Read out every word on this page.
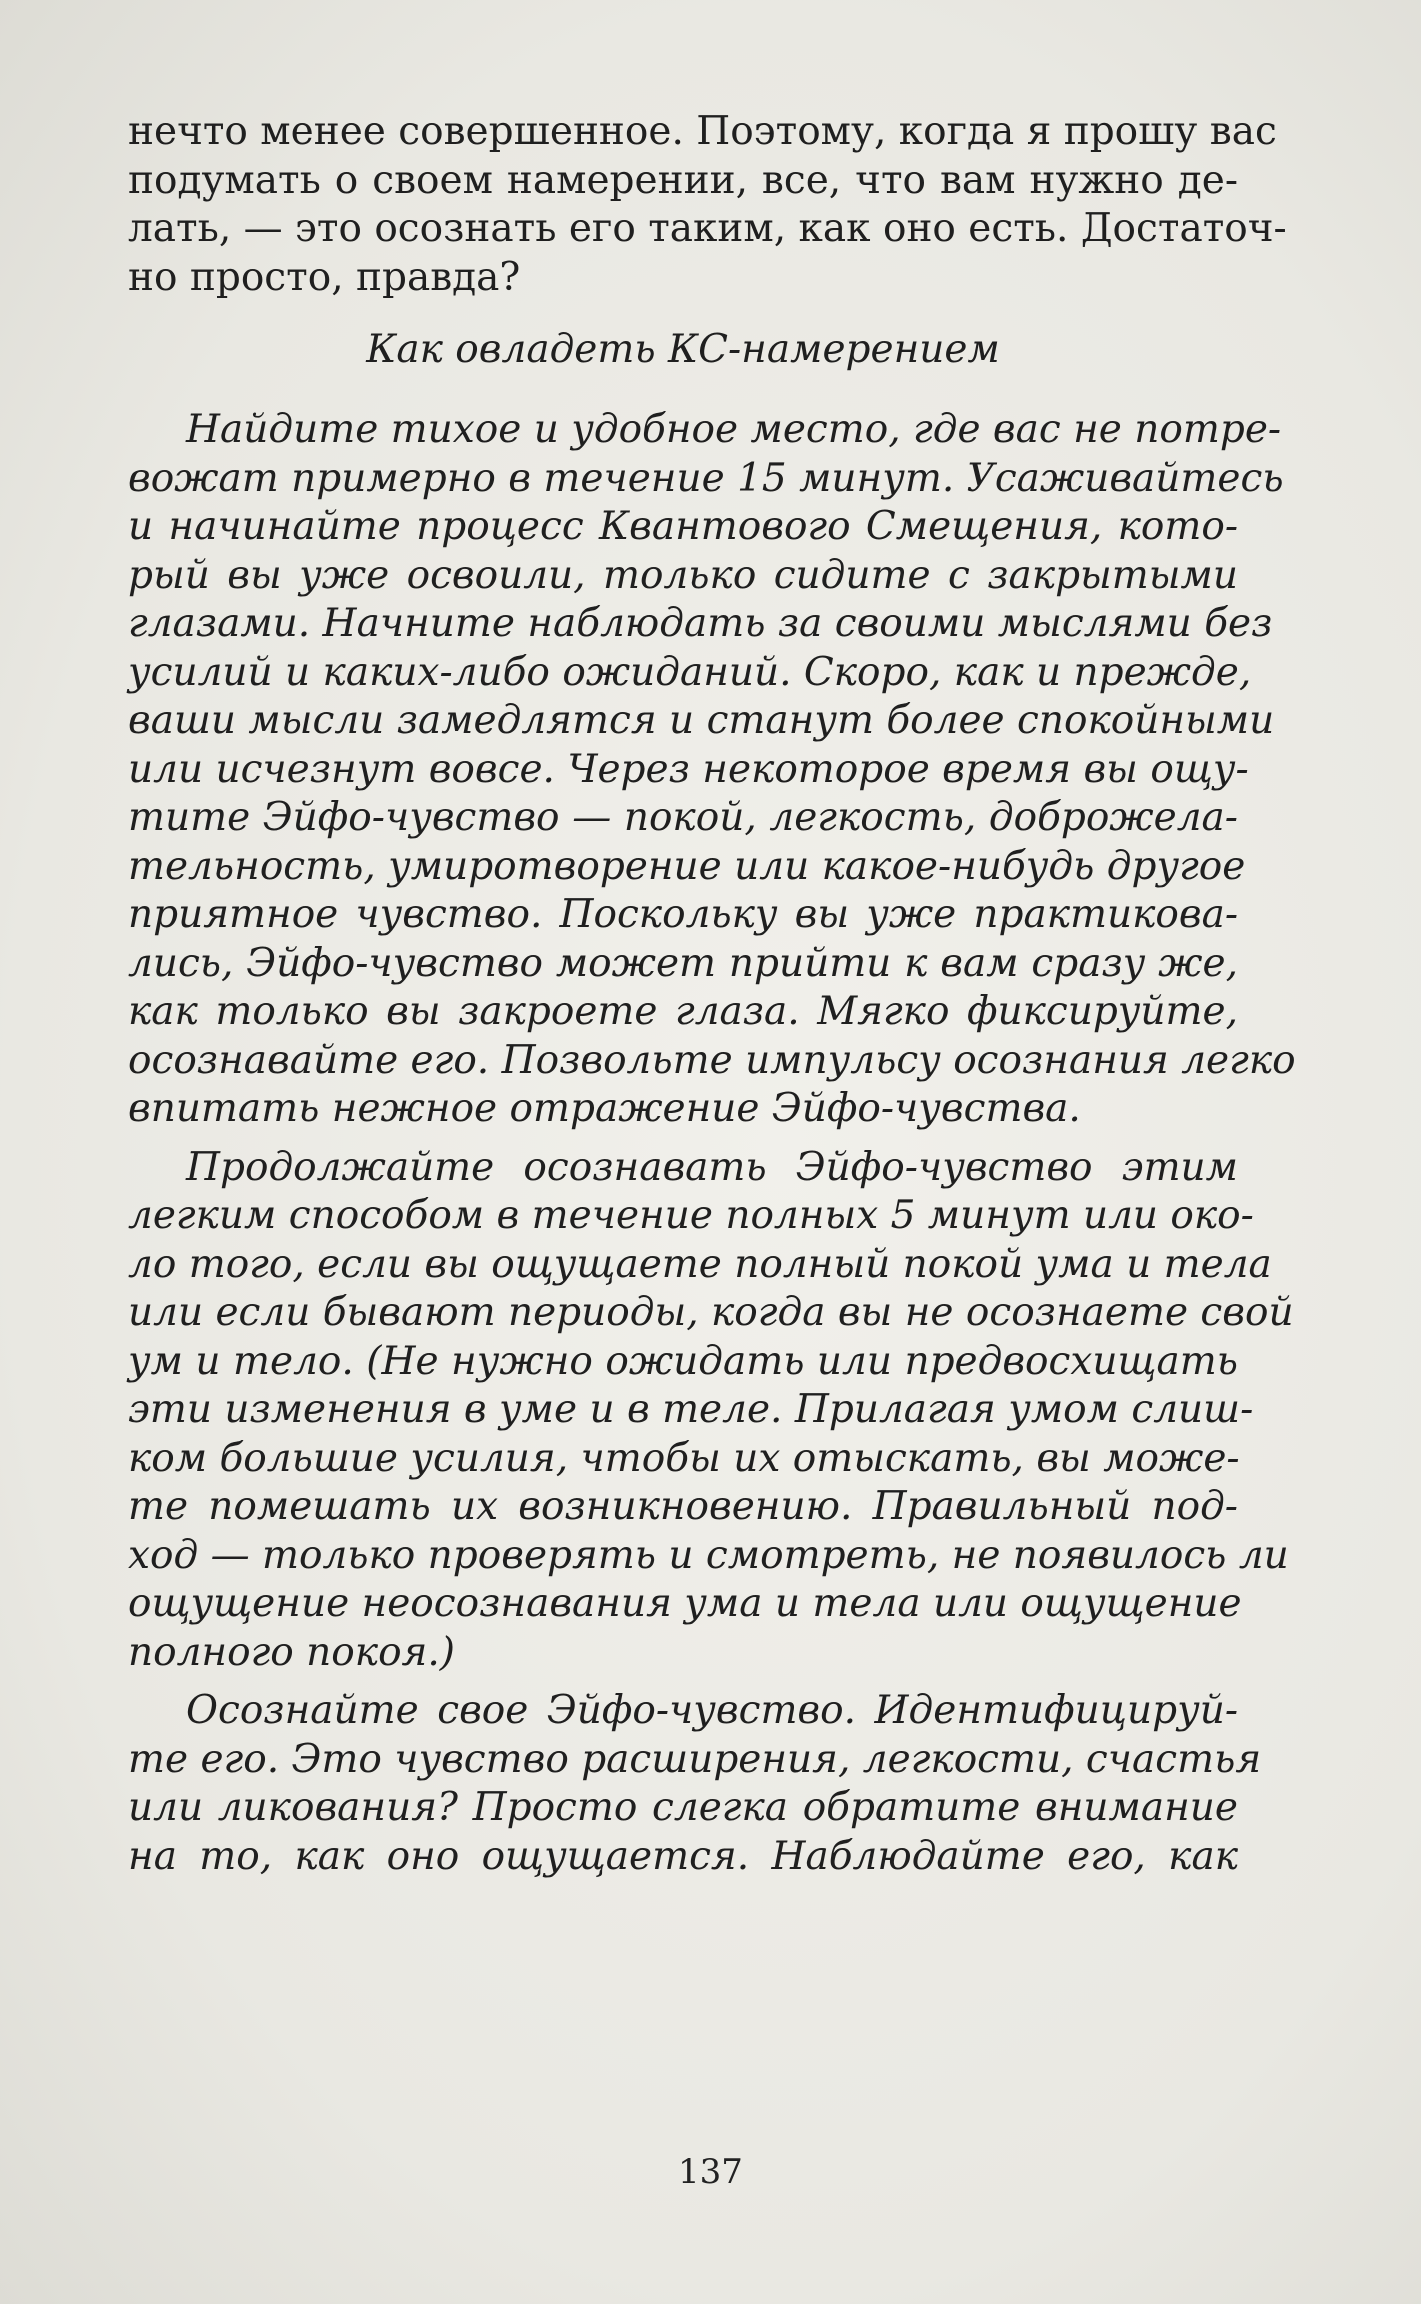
нечто менее совершенное. Поэтому, когда я прошу вас
подумать о своем намерении, все, что вам нужно де-
лать, — это осознать его таким, как оно есть. Достаточ-
но просто, правда?
Как овладеть КС-намерением
Найдите тихое и удобное место, где вас не потре-
вожат примерно в течение 15 минут. Усаживайтесь
и начинайте процесс Квантового Смещения, кото-
рый вы уже освоили, только сидите с закрытыми
глазами. Начните наблюдать за своими мыслями без
усилий и каких-либо ожиданий. Скоро, как и прежде,
ваши мысли замедлятся и станут более спокойными
или исчезнут вовсе. Через некоторое время вы ощу-
тите Эйфо-чувство — покой, легкость, доброжела-
тельность, умиротворение или какое-нибудь другое
приятное чувство. Поскольку вы уже практикова-
лись, Эйфо-чувство может прийти к вам сразу же,
как только вы закроете глаза. Мягко фиксируйте,
осознавайте его. Позвольте импульсу осознания легко
впитать нежное отражение Эйфо-чувства.
Продолжайте осознавать Эйфо-чувство этим
легким способом в течение полных 5 минут или око-
ло того, если вы ощущаете полный покой ума и тела
или если бывают периоды, когда вы не осознаете свой
ум и тело. (Не нужно ожидать или предвосхищать
эти изменения в уме и в теле. Прилагая умом слиш-
ком большие усилия, чтобы их отыскать, вы може-
те помешать их возникновению. Правильный под-
ход — только проверять и смотреть, не появилось ли
ощущение неосознавания ума и тела или ощущение
полного покоя.)
Осознайте свое Эйфо-чувство. Идентифицируй-
те его. Это чувство расширения, легкости, счастья
или ликования? Просто слегка обратите внимание
на то, как оно ощущается. Наблюдайте его, как
137
